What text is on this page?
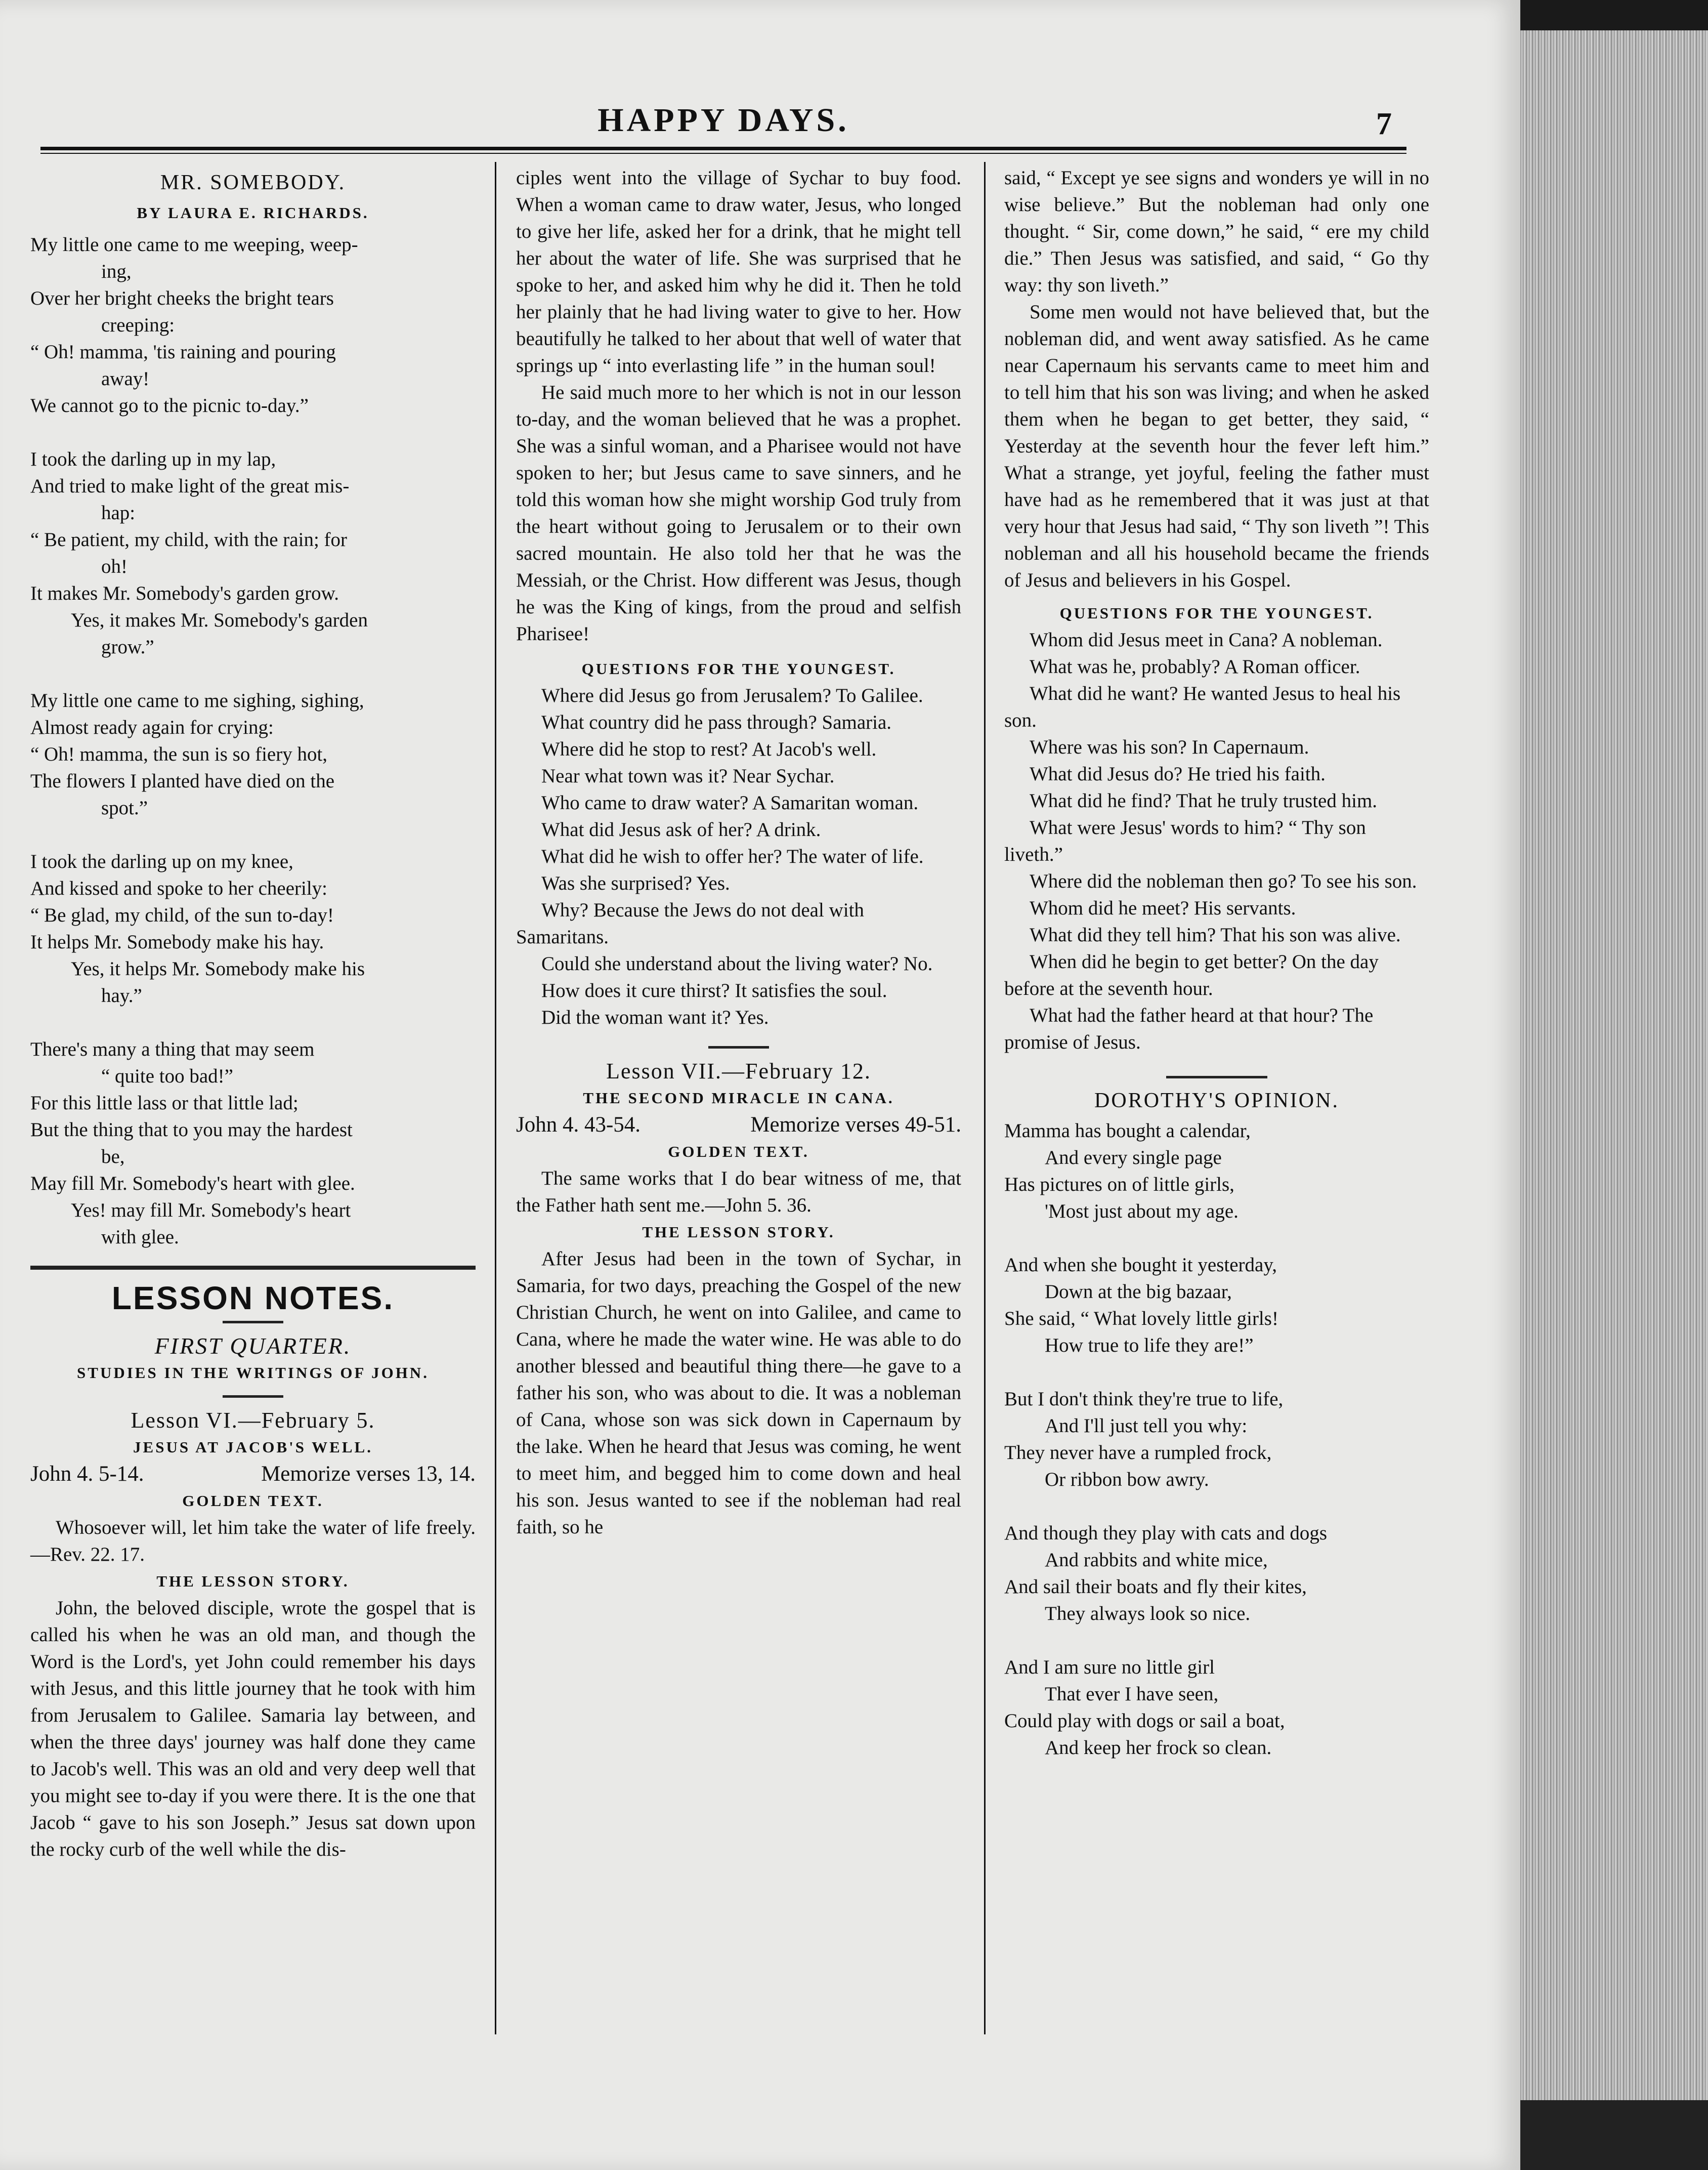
HAPPY DAYS.	7
MR. SOMEBODY.
BY LAURA E. RICHARDS.

My little one came to me weeping, weep-

ing,

Over her bright cheeks the bright tears

creeping:

“ Oh! mamma, 'tis raining and pouring

away!

We cannot go to the picnic to-day.”

I took the darling up in my lap,

And tried to make light of the great mis-

hap:

“ Be patient, my child, with the rain; for

oh!

It makes Mr. Somebody's garden grow.

Yes, it makes Mr. Somebody's garden

grow.”

My little one came to me sighing, sighing,

Almost ready again for crying:

“ Oh! mamma, the sun is so fiery hot,

The flowers I planted have died on the

spot.”

I took the darling up on my knee,

And kissed and spoke to her cheerily:

“ Be glad, my child, of the sun to-day!

It helps Mr. Somebody make his hay.

Yes, it helps Mr. Somebody make his

hay.”

There's many a thing that may seem

“ quite too bad!”

For this little lass or that little lad;

But the thing that to you may the hardest

be,

May fill Mr. Somebody's heart with glee.

Yes! may fill Mr. Somebody's heart

with glee.

LESSON NOTES.
FIRST QUARTER.
STUDIES IN THE WRITINGS OF JOHN.
Lesson VI.—February 5.
JESUS AT JACOB'S WELL.
John 4. 5-14.	Memorize verses 13, 14.
GOLDEN TEXT.

Whosoever will, let him take the water of life freely.—Rev. 22. 17.

THE LESSON STORY.

John, the beloved disciple, wrote the gospel that is called his when he was an old man, and though the Word is the Lord's, yet John could remember his days with Jesus, and this little journey that he took with him from Jerusalem to Galilee. Samaria lay between, and when the three days' journey was half done they came to Jacob's well. This was an old and very deep well that you might see to-day if you were there. It is the one that Jacob “ gave to his son Joseph.” Jesus sat down upon the rocky curb of the well while the dis-

ciples went into the village of Sychar to buy food. When a woman came to draw water, Jesus, who longed to give her life, asked her for a drink, that he might tell her about the water of life. She was surprised that he spoke to her, and asked him why he did it. Then he told her plainly that he had living water to give to her. How beautifully he talked to her about that well of water that springs up “ into everlasting life ” in the human soul!

He said much more to her which is not in our lesson to-day, and the woman believed that he was a prophet. She was a sinful woman, and a Pharisee would not have spoken to her; but Jesus came to save sinners, and he told this woman how she might worship God truly from the heart without going to Jerusalem or to their own sacred mountain. He also told her that he was the Messiah, or the Christ. How different was Jesus, though he was the King of kings, from the proud and selfish Pharisee!

QUESTIONS FOR THE YOUNGEST.

Where did Jesus go from Jerusalem? To Galilee.

What country did he pass through? Samaria.

Where did he stop to rest? At Jacob's well.

Near what town was it? Near Sychar.

Who came to draw water? A Samaritan woman.

What did Jesus ask of her? A drink.

What did he wish to offer her? The water of life.

Was she surprised? Yes.

Why? Because the Jews do not deal with Samaritans.

Could she understand about the living water? No.

How does it cure thirst? It satisfies the soul.

Did the woman want it? Yes.

Lesson VII.—February 12.
THE SECOND MIRACLE IN CANA.
John 4. 43-54.	Memorize verses 49-51.
GOLDEN TEXT.

The same works that I do bear witness of me, that the Father hath sent me.—John 5. 36.

THE LESSON STORY.

After Jesus had been in the town of Sychar, in Samaria, for two days, preaching the Gospel of the new Christian Church, he went on into Galilee, and came to Cana, where he made the water wine. He was able to do another blessed and beautiful thing there—he gave to a father his son, who was about to die. It was a nobleman of Cana, whose son was sick down in Capernaum by the lake. When he heard that Jesus was coming, he went to meet him, and begged him to come down and heal his son. Jesus wanted to see if the nobleman had real faith, so he

said, “ Except ye see signs and wonders ye will in no wise believe.” But the nobleman had only one thought. “ Sir, come down,” he said, “ ere my child die.” Then Jesus was satisfied, and said, “ Go thy way: thy son liveth.”

Some men would not have believed that, but the nobleman did, and went away satisfied. As he came near Capernaum his servants came to meet him and to tell him that his son was living; and when he asked them when he began to get better, they said, “ Yesterday at the seventh hour the fever left him.” What a strange, yet joyful, feeling the father must have had as he remembered that it was just at that very hour that Jesus had said, “ Thy son liveth ”! This nobleman and all his household became the friends of Jesus and believers in his Gospel.

QUESTIONS FOR THE YOUNGEST.

Whom did Jesus meet in Cana? A nobleman.

What was he, probably? A Roman officer.

What did he want? He wanted Jesus to heal his son.

Where was his son? In Capernaum.

What did Jesus do? He tried his faith.

What did he find? That he truly trusted him.

What were Jesus' words to him? “ Thy son liveth.”

Where did the nobleman then go? To see his son.

Whom did he meet? His servants.

What did they tell him? That his son was alive.

When did he begin to get better? On the day before at the seventh hour.

What had the father heard at that hour? The promise of Jesus.

DOROTHY'S OPINION.

Mamma has bought a calendar,

And every single page

Has pictures on of little girls,

'Most just about my age.

And when she bought it yesterday,

Down at the big bazaar,

She said, “ What lovely little girls!

How true to life they are!”

But I don't think they're true to life,

And I'll just tell you why:

They never have a rumpled frock,

Or ribbon bow awry.

And though they play with cats and dogs

And rabbits and white mice,

And sail their boats and fly their kites,

They always look so nice.

And I am sure no little girl

That ever I have seen,

Could play with dogs or sail a boat,

And keep her frock so clean.
